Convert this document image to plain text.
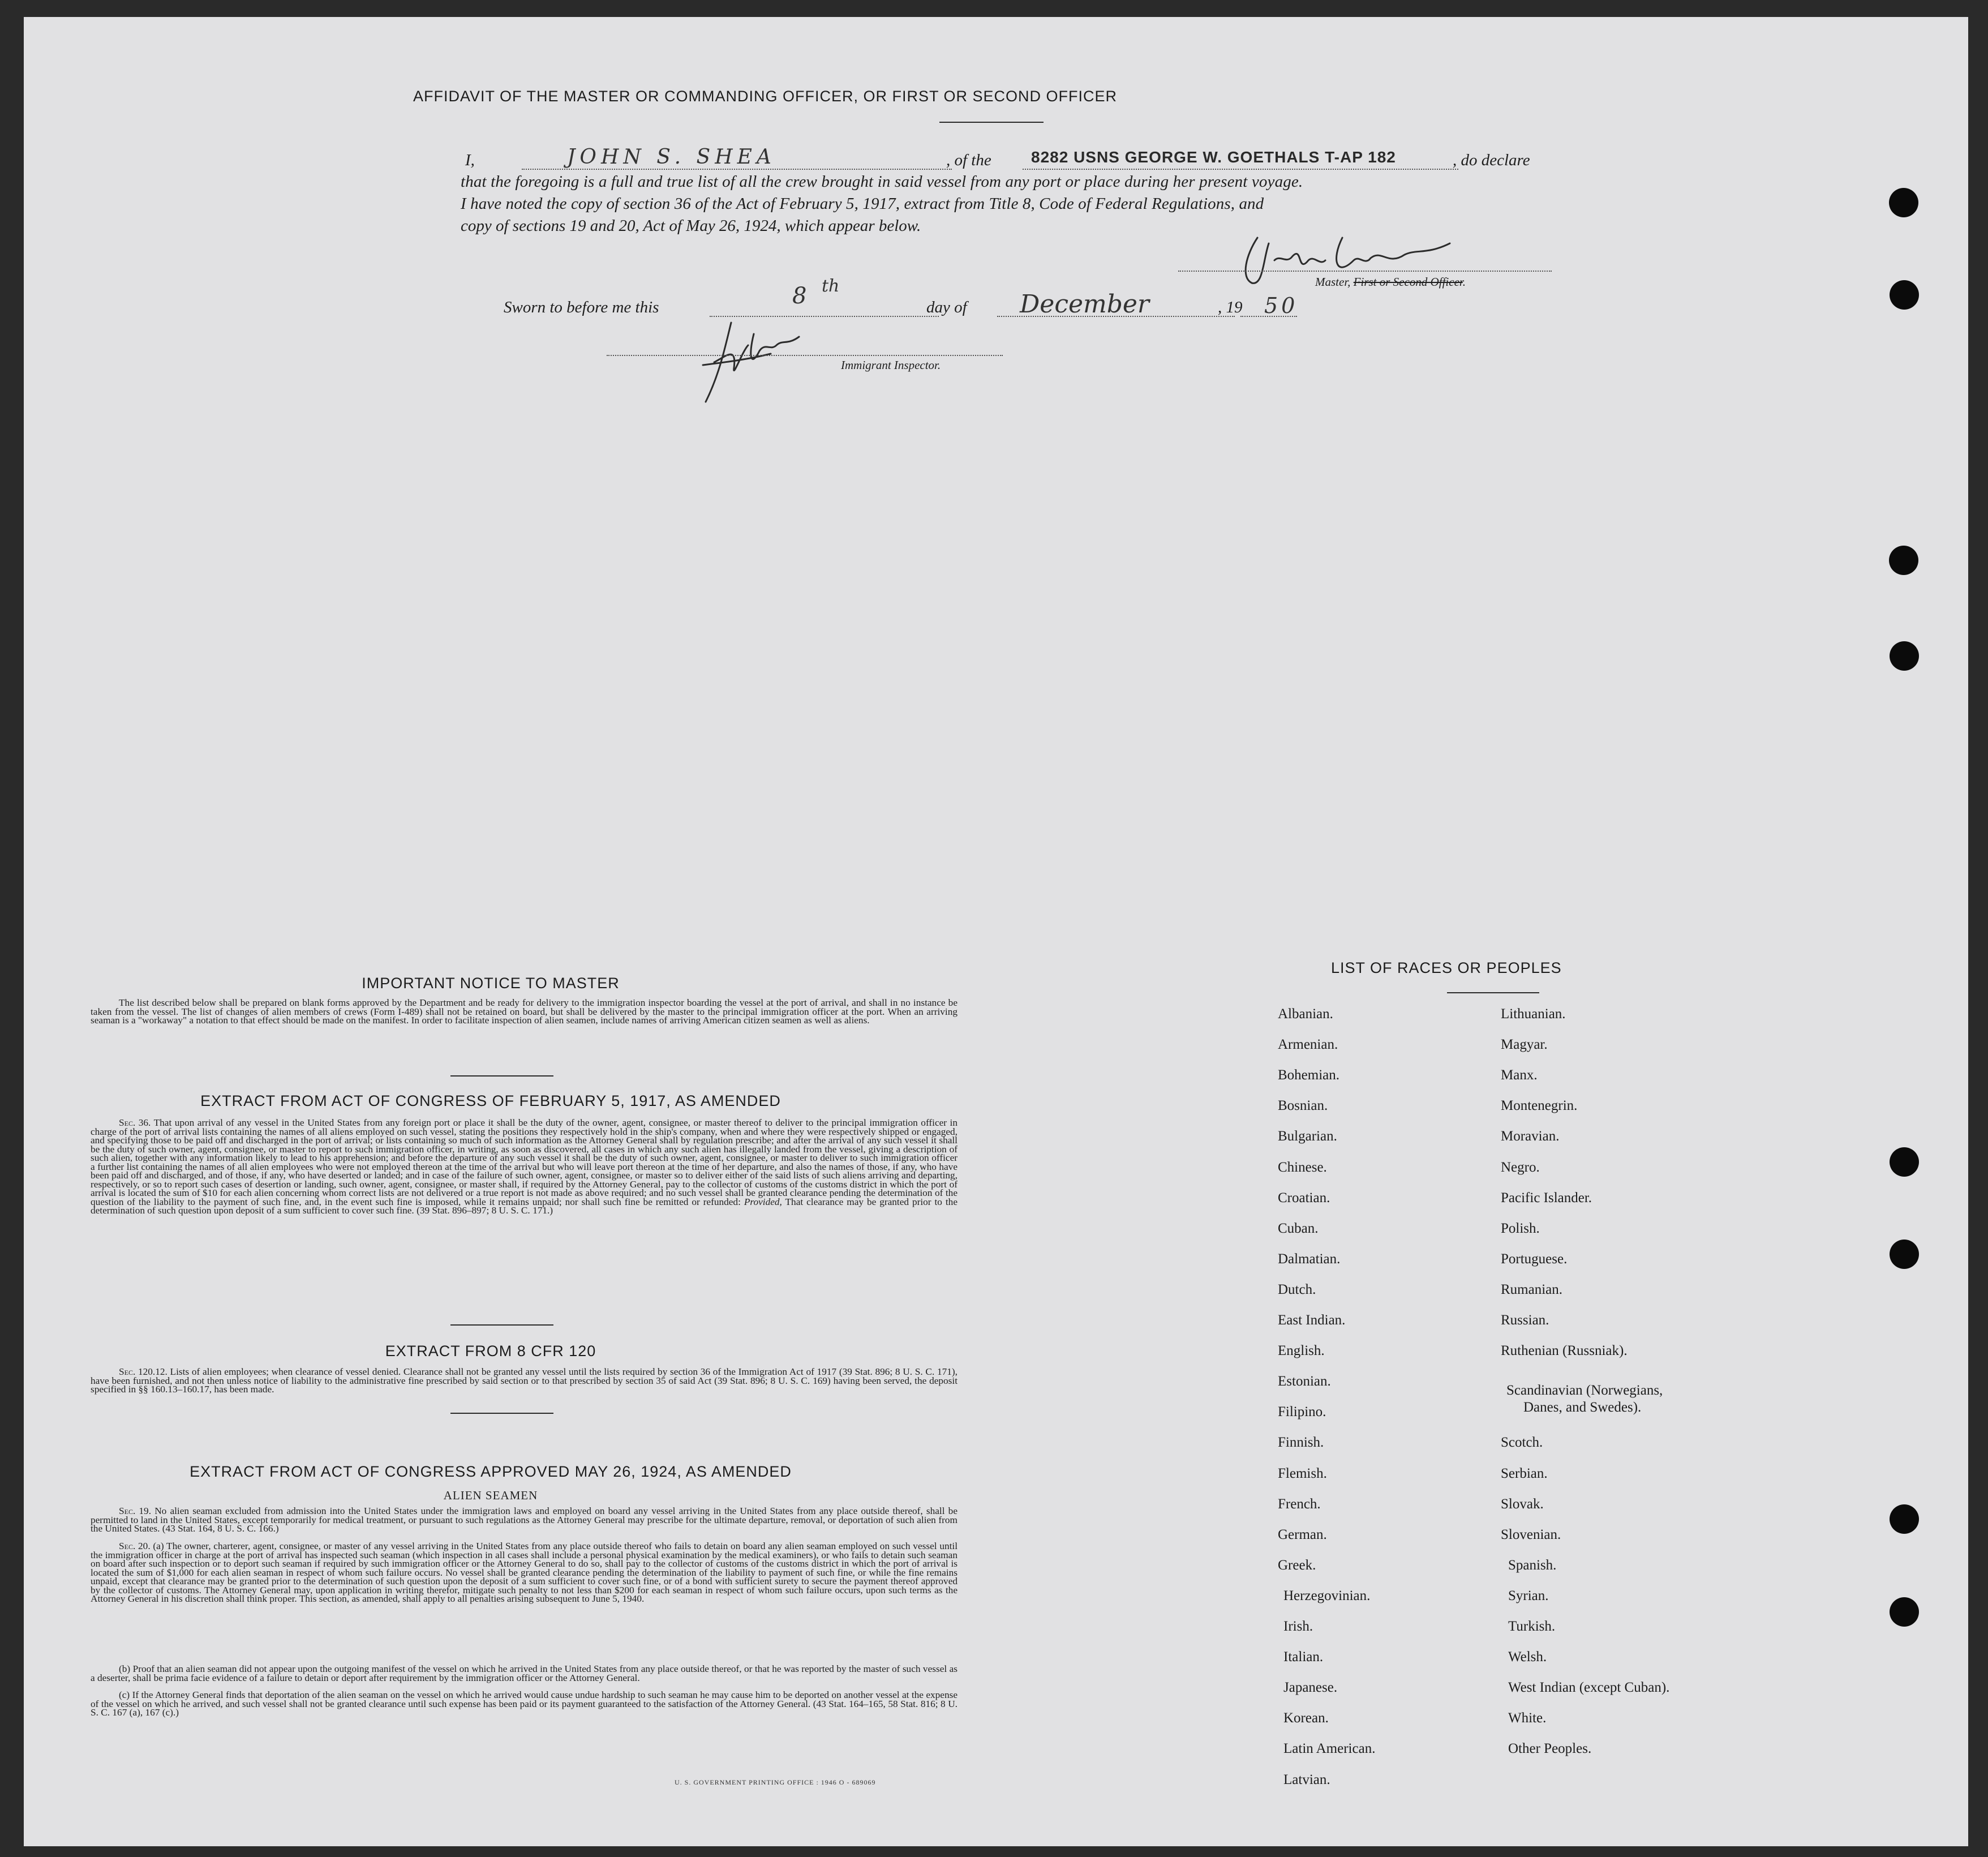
AFFIDAVIT OF THE MASTER OR COMMANDING OFFICER, OR FIRST OR SECOND OFFICER
I,	JOHN S. SHEA	, of the	8282 USNS GEORGE W. GOETHALS T-AP 182	, do declare
that the foregoing is a full and true list of all the crew brought in said vessel from any port or place during her present voyage.
I have noted the copy of section 36 of the Act of February 5, 1917, extract from Title 8, Code of Federal Regulations, and
copy of sections 19 and 20, Act of May 26, 1924, which appear below.
Master, First or Second Officer.
Sworn to before me this	8 th
day of December	, 19 50
Immigrant Inspector.
IMPORTANT NOTICE TO MASTER

The list described below shall be prepared on blank forms approved by the Department and be ready for delivery to the immigration inspector boarding the vessel at the port of arrival, and shall in no instance be taken from the vessel. The list of changes of alien members of crews (Form I-489) shall not be retained on board, but shall be delivered by the master to the principal immigration officer at the port. When an arriving seaman is a "workaway" a notation to that effect should be made on the manifest. In order to facilitate inspection of alien seamen, include names of arriving American citizen seamen as well as aliens.

EXTRACT FROM ACT OF CONGRESS OF FEBRUARY 5, 1917, AS AMENDED

Sec. 36. That upon arrival of any vessel in the United States from any foreign port or place it shall be the duty of the owner, agent, consignee, or master thereof to deliver to the principal immigration officer in charge of the port of arrival lists containing the names of all aliens employed on such vessel, stating the positions they respectively hold in the ship's company, when and where they were respectively shipped or engaged, and specifying those to be paid off and discharged in the port of arrival; or lists containing so much of such information as the Attorney General shall by regulation prescribe; and after the arrival of any such vessel it shall be the duty of such owner, agent, consignee, or master to report to such immigration officer, in writing, as soon as discovered, all cases in which any such alien has illegally landed from the vessel, giving a description of such alien, together with any information likely to lead to his apprehension; and before the departure of any such vessel it shall be the duty of such owner, agent, consignee, or master to deliver to such immigration officer a further list containing the names of all alien employees who were not employed thereon at the time of the arrival but who will leave port thereon at the time of her departure, and also the names of those, if any, who have been paid off and discharged, and of those, if any, who have deserted or landed; and in case of the failure of such owner, agent, consignee, or master so to deliver either of the said lists of such aliens arriving and departing, respectively, or so to report such cases of desertion or landing, such owner, agent, consignee, or master shall, if required by the Attorney General, pay to the collector of customs of the customs district in which the port of arrival is located the sum of $10 for each alien concerning whom correct lists are not delivered or a true report is not made as above required; and no such vessel shall be granted clearance pending the determination of the question of the liability to the payment of such fine, and, in the event such fine is imposed, while it remains unpaid; nor shall such fine be remitted or refunded: Provided, That clearance may be granted prior to the determination of such question upon deposit of a sum sufficient to cover such fine. (39 Stat. 896–897; 8 U. S. C. 171.)

EXTRACT FROM 8 CFR 120

Sec. 120.12. Lists of alien employees; when clearance of vessel denied. Clearance shall not be granted any vessel until the lists required by section 36 of the Immigration Act of 1917 (39 Stat. 896; 8 U. S. C. 171), have been furnished, and not then unless notice of liability to the administrative fine prescribed by said section or to that prescribed by section 35 of said Act (39 Stat. 896; 8 U. S. C. 169) having been served, the deposit specified in §§ 160.13–160.17, has been made.

EXTRACT FROM ACT OF CONGRESS APPROVED MAY 26, 1924, AS AMENDED
ALIEN SEAMEN

Sec. 19. No alien seaman excluded from admission into the United States under the immigration laws and employed on board any vessel arriving in the United States from any place outside thereof, shall be permitted to land in the United States, except temporarily for medical treatment, or pursuant to such regulations as the Attorney General may prescribe for the ultimate departure, removal, or deportation of such alien from the United States. (43 Stat. 164, 8 U. S. C. 166.)

Sec. 20. (a) The owner, charterer, agent, consignee, or master of any vessel arriving in the United States from any place outside thereof who fails to detain on board any alien seaman employed on such vessel until the immigration officer in charge at the port of arrival has inspected such seaman (which inspection in all cases shall include a personal physical examination by the medical examiners), or who fails to detain such seaman on board after such inspection or to deport such seaman if required by such immigration officer or the Attorney General to do so, shall pay to the collector of customs of the customs district in which the port of arrival is located the sum of $1,000 for each alien seaman in respect of whom such failure occurs. No vessel shall be granted clearance pending the determination of the liability to payment of such fine, or while the fine remains unpaid, except that clearance may be granted prior to the determination of such question upon the deposit of a sum sufficient to cover such fine, or of a bond with sufficient surety to secure the payment thereof approved by the collector of customs. The Attorney General may, upon application in writing therefor, mitigate such penalty to not less than $200 for each seaman in respect of whom such failure occurs, upon such terms as the Attorney General in his discretion shall think proper. This section, as amended, shall apply to all penalties arising subsequent to June 5, 1940.

(b) Proof that an alien seaman did not appear upon the outgoing manifest of the vessel on which he arrived in the United States from any place outside thereof, or that he was reported by the master of such vessel as a deserter, shall be prima facie evidence of a failure to detain or deport after requirement by the immigration officer or the Attorney General.

(c) If the Attorney General finds that deportation of the alien seaman on the vessel on which he arrived would cause undue hardship to such seaman he may cause him to be deported on another vessel at the expense of the vessel on which he arrived, and such vessel shall not be granted clearance until such expense has been paid or its payment guaranteed to the satisfaction of the Attorney General. (43 Stat. 164–165, 58 Stat. 816; 8 U. S. C. 167 (a), 167 (c).)

U. S. GOVERNMENT PRINTING OFFICE : 1946 O - 689069
LIST OF RACES OR PEOPLES
Albanian.
Armenian.
Bohemian.
Bosnian.
Bulgarian.
Chinese.
Croatian.
Cuban.
Dalmatian.
Dutch.
East Indian.
English.
Estonian.
Filipino.
Finnish.
Flemish.
French.
German.
Greek.
Herzegovinian.
Irish.
Italian.
Japanese.
Korean.
Latin American.
Latvian.
Lithuanian.
Magyar.
Manx.
Montenegrin.
Moravian.
Negro.
Pacific Islander.
Polish.
Portuguese.
Rumanian.
Russian.
Ruthenian (Russniak).
Scandinavian (Norwegians,
Danes, and Swedes).
Scotch.
Serbian.
Slovak.
Slovenian.
Spanish.
Syrian.
Turkish.
Welsh.
West Indian (except Cuban).
White.
Other Peoples.
